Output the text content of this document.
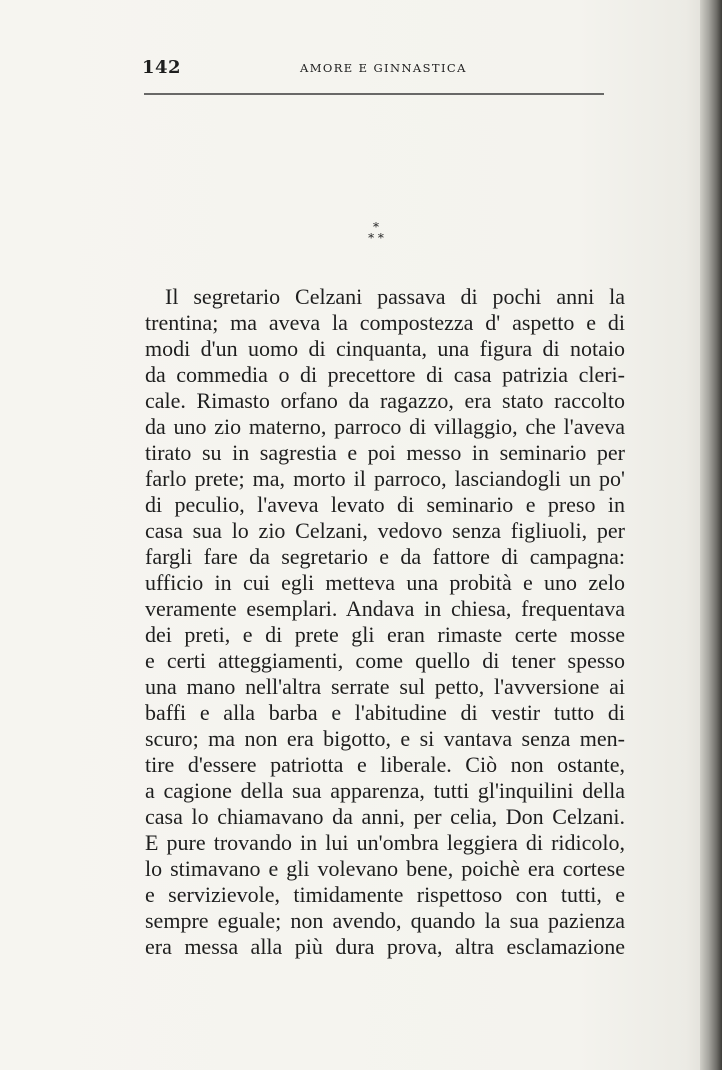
142	AMORE E GINNASTICA
*
* *
Il segretario Celzani passava di pochi anni la
trentina; ma aveva la compostezza d' aspetto e di
modi d'un uomo di cinquanta, una figura di notaio
da commedia o di precettore di casa patrizia cleri-
cale. Rimasto orfano da ragazzo, era stato raccolto
da uno zio materno, parroco di villaggio, che l'aveva
tirato su in sagrestia e poi messo in seminario per
farlo prete; ma, morto il parroco, lasciandogli un po'
di peculio, l'aveva levato di seminario e preso in
casa sua lo zio Celzani, vedovo senza figliuoli, per
fargli fare da segretario e da fattore di campagna:
ufficio in cui egli metteva una probità e uno zelo
veramente esemplari. Andava in chiesa, frequentava
dei preti, e di prete gli eran rimaste certe mosse
e certi atteggiamenti, come quello di tener spesso
una mano nell'altra serrate sul petto, l'avversione ai
baffi e alla barba e l'abitudine di vestir tutto di
scuro; ma non era bigotto, e si vantava senza men-
tire d'essere patriotta e liberale. Ciò non ostante,
a cagione della sua apparenza, tutti gl'inquilini della
casa lo chiamavano da anni, per celia, Don Celzani.
E pure trovando in lui un'ombra leggiera di ridicolo,
lo stimavano e gli volevano bene, poichè era cortese
e servizievole, timidamente rispettoso con tutti, e
sempre eguale; non avendo, quando la sua pazienza
era messa alla più dura prova, altra esclamazione
